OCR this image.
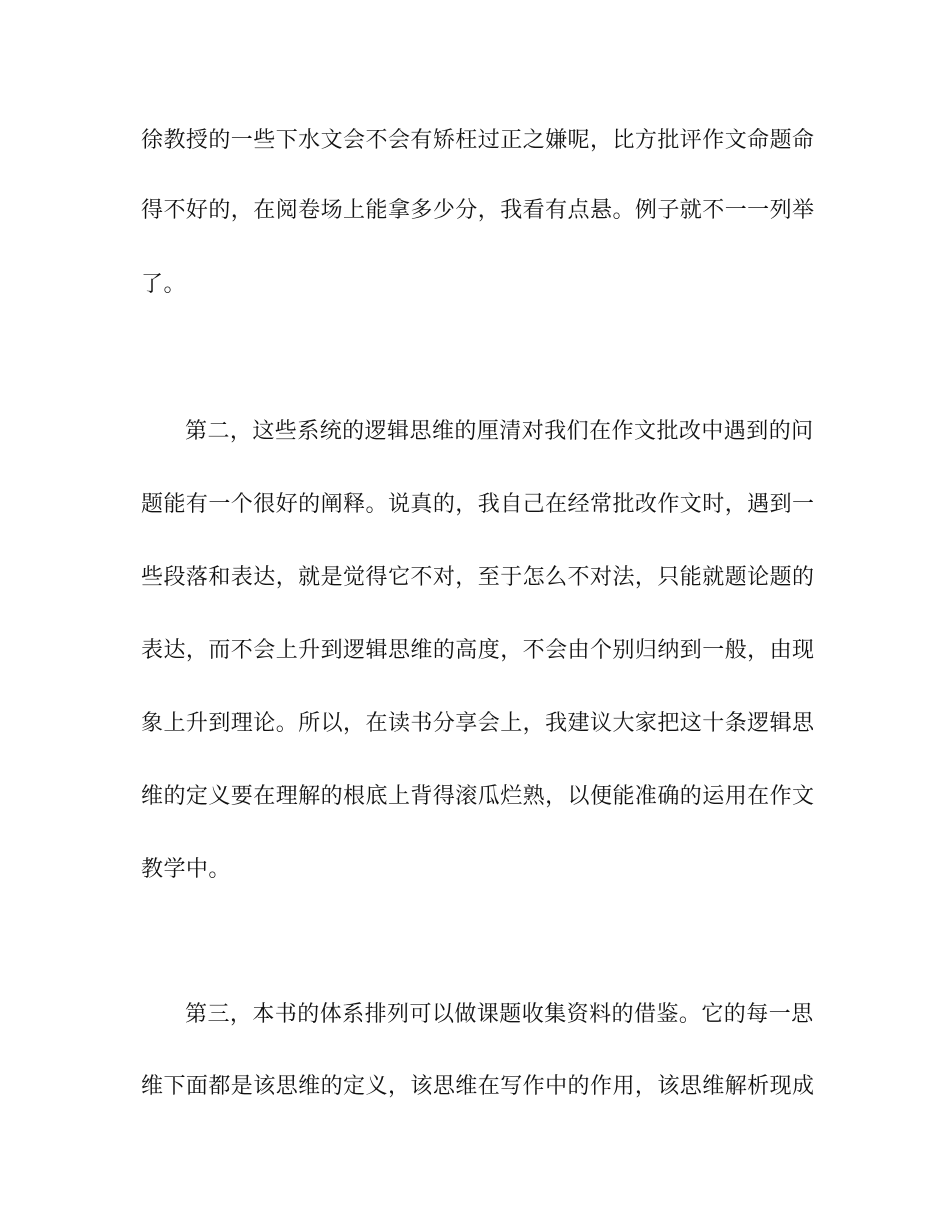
徐教授的一些下水文会不会有矫枉过正之嫌呢，比方批评作文命题命
得不好的，在阅卷场上能拿多少分，我看有点悬。例子就不一一列举
了。
第二，这些系统的逻辑思维的厘清对我们在作文批改中遇到的问
题能有一个很好的阐释。说真的，我自己在经常批改作文时，遇到一
些段落和表达，就是觉得它不对，至于怎么不对法，只能就题论题的
表达，而不会上升到逻辑思维的高度，不会由个别归纳到一般，由现
象上升到理论。所以，在读书分享会上，我建议大家把这十条逻辑思
维的定义要在理解的根底上背得滚瓜烂熟，以便能准确的运用在作文
教学中。
第三，本书的体系排列可以做课题收集资料的借鉴。它的每一思
维下面都是该思维的定义，该思维在写作中的作用，该思维解析现成
